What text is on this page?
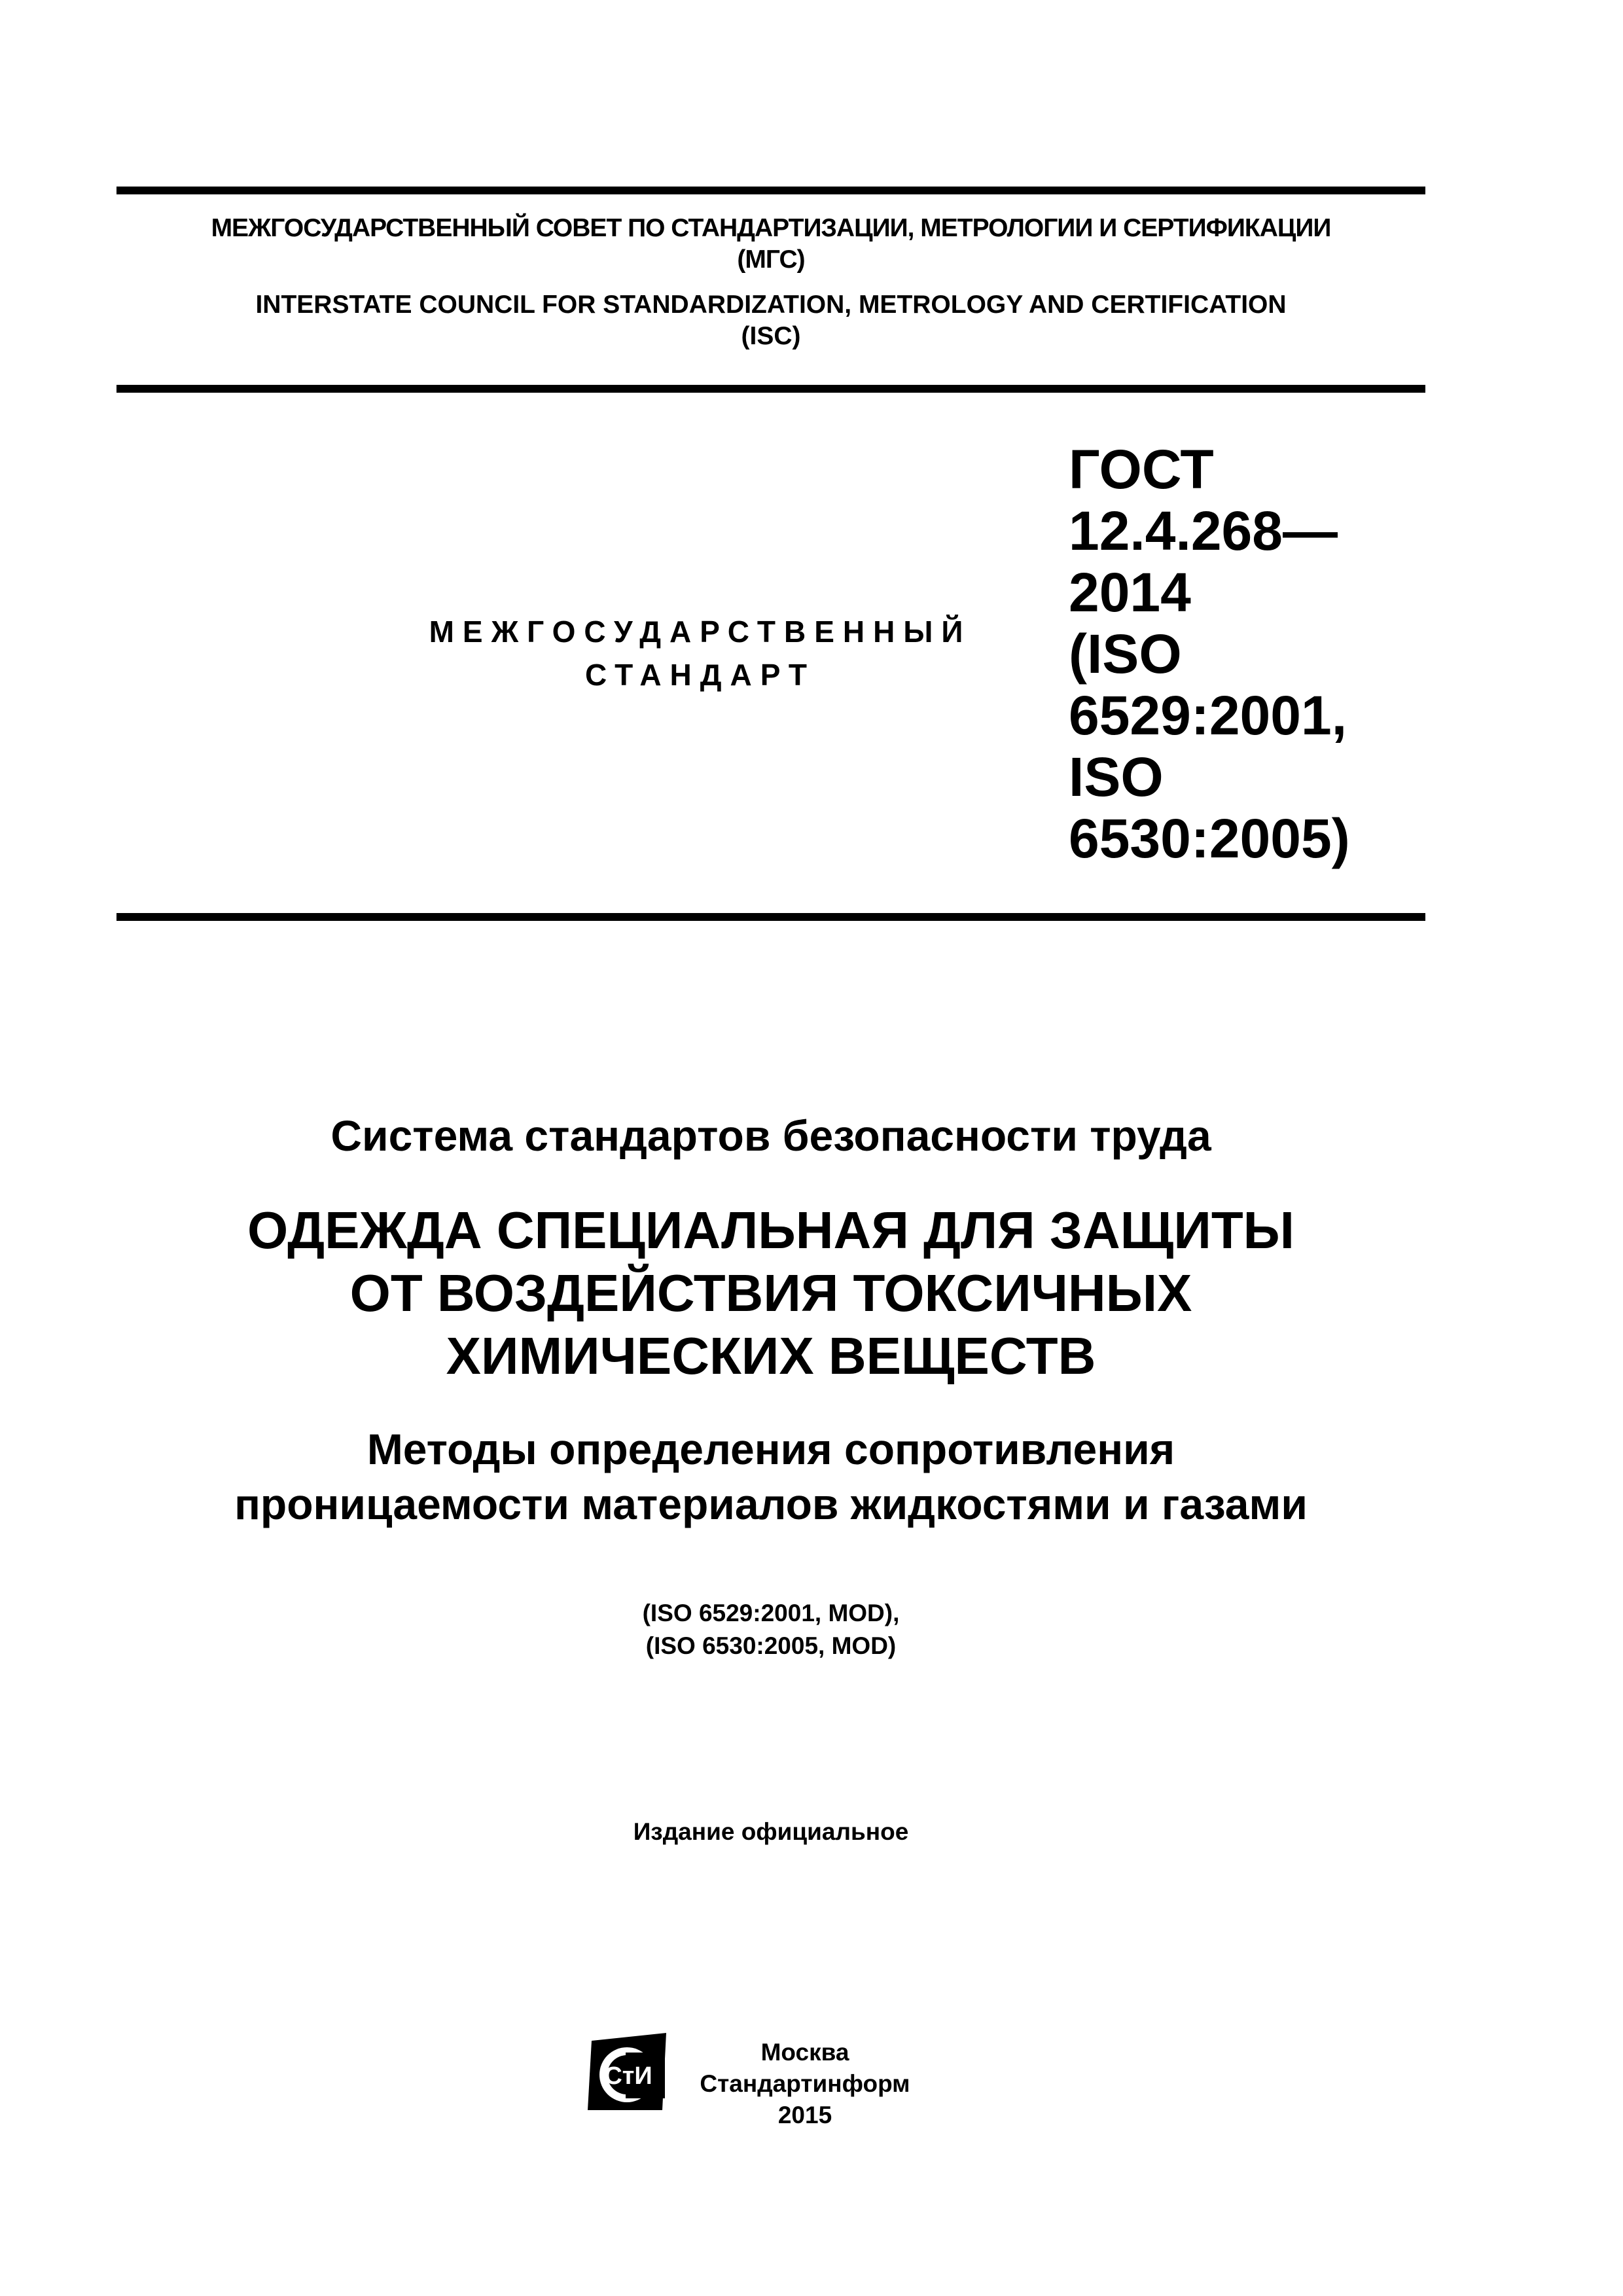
МЕЖГОСУДАРСТВЕННЫЙ СОВЕТ ПО СТАНДАРТИЗАЦИИ, МЕТРОЛОГИИ И СЕРТИФИКАЦИИ
(МГС)
INTERSTATE COUNCIL FOR STANDARDIZATION, METROLOGY AND CERTIFICATION
(ISC)
МЕЖГОСУДАРСТВЕННЫЙ
СТАНДАРТ
ГОСТ
12.4.268—
2014
(ISO
6529:2001,
ISO
6530:2005)
Система стандартов безопасности труда
ОДЕЖДА СПЕЦИАЛЬНАЯ ДЛЯ ЗАЩИТЫ
ОТ ВОЗДЕЙСТВИЯ ТОКСИЧНЫХ
ХИМИЧЕСКИХ ВЕЩЕСТВ
Методы определения сопротивления
проницаемости материалов жидкостями и газами
(ISO 6529:2001, MOD),
(ISO 6530:2005, MOD)
Издание официальное
СтИ
Москва
Стандартинформ
2015
